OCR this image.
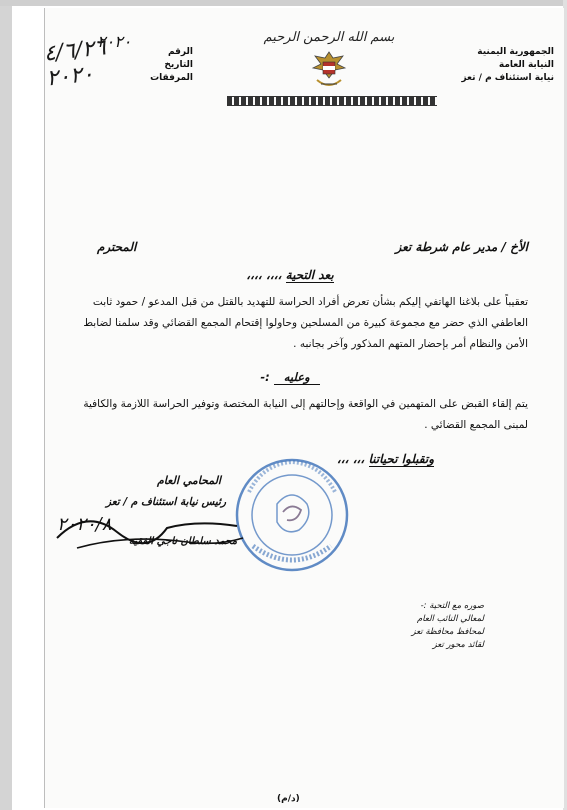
الجمهورية اليمنية
النيابة العامة
نيابة استئناف م / تعز
بسم الله الرحمن الرحيم
الرقم
التاريخ
المرفقات
٢٠٢٠
٤/٦/٢٦ ٢٠٢٠
الأخ / مدير عام شرطة تعز
المحترم
بعد التحية ،،،، ،،،،
تعقيباً على بلاغنا الهاتفي إليكم بشأن تعرض أفراد الحراسة للتهديد بالقتل من قبل المدعو / حمود ثابت العاطفي الذي حضر مع مجموعة كبيرة من المسلحين وحاولوا إقتحام المجمع القضائي وقد سلمنا لضابط الأمن والنظام أمر بإحضار المتهم المذكور وآخر بجانبه .
وعليه :-
يتم إلقاء القبض على المتهمين في الواقعة وإحالتهم إلى النيابة المختصة وتوفير الحراسة اللازمة والكافية لمبنى المجمع القضائي .
وتقبلوا تحياتنا ،،، ،،،
المحامي العام
رئيس نيابة استئناف م / تعز
٢٠٢٠/٨
محمد سلطان ناجي الفقيه
صوره مع التحية :-
لمعالي النائب العام
لمحافظ محافظة تعز
لقائد محور تعز
(د/م)
